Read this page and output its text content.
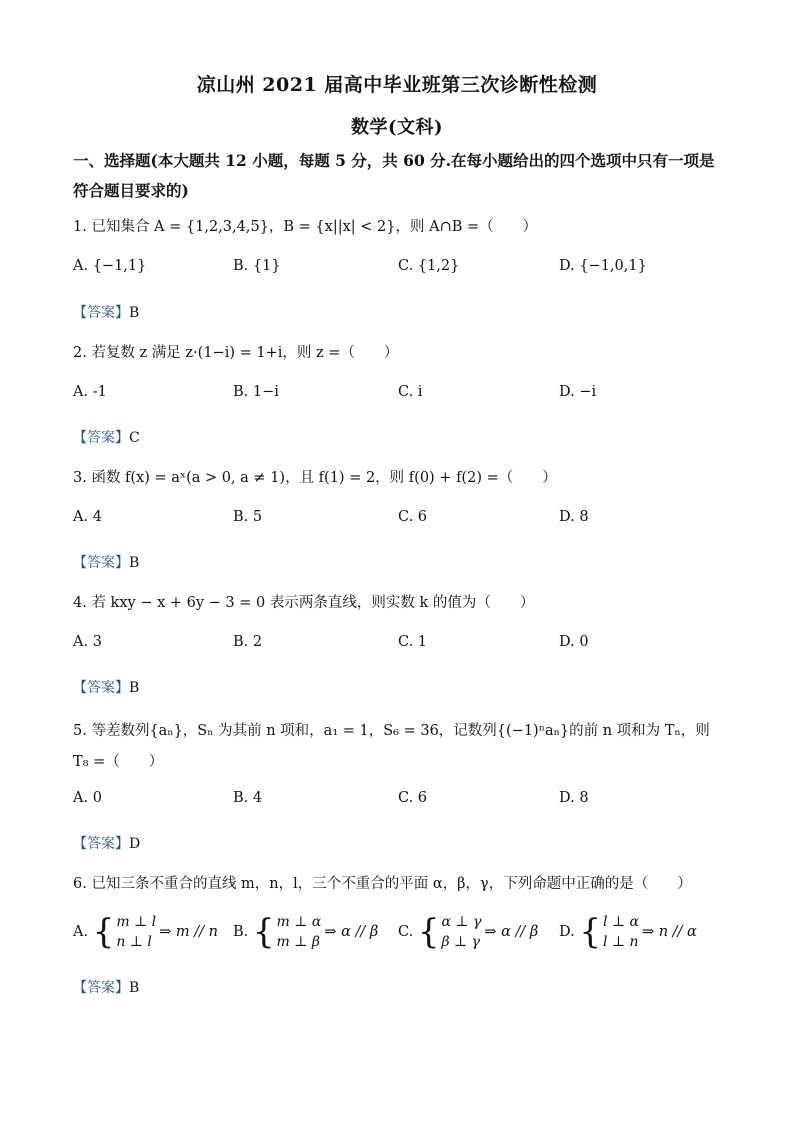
凉山州 2021 届高中毕业班第三次诊断性检测
数学(文科)
一、选择题(本大题共 12 小题，每题 5 分，共 60 分.在每小题给出的四个选项中只有一项是符合题目要求的)
1. 已知集合 A = {1,2,3,4,5}，B = {x||x| < 2}，则 A∩B =（　　）
A. {−1,1}	B. {1}	C. {1,2}	D. {−1,0,1}
【答案】B
2. 若复数 z 满足 z·(1−i) = 1+i，则 z =（　　）
A. -1	B. 1−i	C. i	D. −i
【答案】C
3. 函数 f(x) = aˣ(a > 0, a ≠ 1)，且 f(1) = 2，则 f(0) + f(2) =（　　）
A. 4	B. 5	C. 6	D. 8
【答案】B
4. 若 kxy − x + 6y − 3 = 0 表示两条直线，则实数 k 的值为（　　）
A. 3	B. 2	C. 1	D. 0
【答案】B
5. 等差数列{aₙ}，Sₙ 为其前 n 项和，a₁ = 1，S₆ = 36，记数列{(−1)ⁿaₙ}的前 n 项和为 Tₙ，则 T₈ =（　　）
A. 0	B. 4	C. 6	D. 8
【答案】D
6. 已知三条不重合的直线 m，n，l，三个不重合的平面 α，β，γ，下列命题中正确的是（　　）
A. { m ⊥ l
n ⊥ l
⇒ m // n B. { m ⊥ α
m ⊥ β
⇒ α // β C. { α ⊥ γ
β ⊥ γ
⇒ α // β D. { l ⊥ α
l ⊥ n
⇒ n // α
【答案】B
